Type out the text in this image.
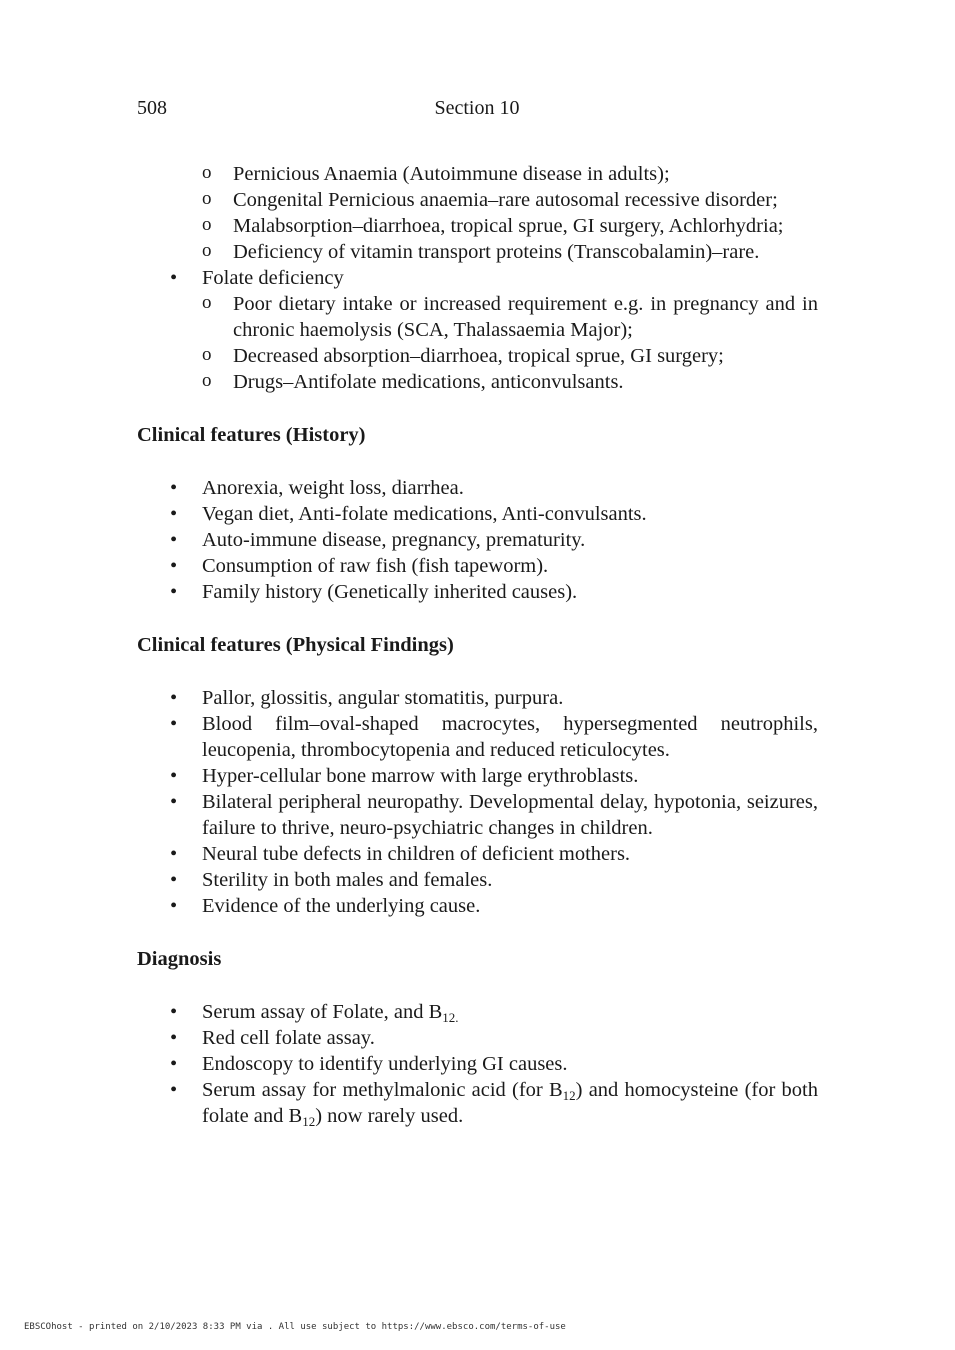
508	Section 10
o Pernicious Anaemia (Autoimmune disease in adults);
o Congenital Pernicious anaemia–rare autosomal recessive disorder;
o Malabsorption–diarrhoea, tropical sprue, GI surgery, Achlorhydria;
o Deficiency of vitamin transport proteins (Transcobalamin)–rare.
• Folate deficiency
o Poor dietary intake or increased requirement e.g. in pregnancy and in chronic haemolysis (SCA, Thalassaemia Major);
o Decreased absorption–diarrhoea, tropical sprue, GI surgery;
o Drugs–Antifolate medications, anticonvulsants.
Clinical features (History)
• Anorexia, weight loss, diarrhea.
• Vegan diet, Anti-folate medications, Anti-convulsants.
• Auto-immune disease, pregnancy, prematurity.
• Consumption of raw fish (fish tapeworm).
• Family history (Genetically inherited causes).
Clinical features (Physical Findings)
• Pallor, glossitis, angular stomatitis, purpura.
• Blood film–oval-shaped macrocytes, hypersegmented neutrophils, leucopenia, thrombocytopenia and reduced reticulocytes.
• Hyper-cellular bone marrow with large erythroblasts.
• Bilateral peripheral neuropathy. Developmental delay, hypotonia, seizures, failure to thrive, neuro-psychiatric changes in children.
• Neural tube defects in children of deficient mothers.
• Sterility in both males and females.
• Evidence of the underlying cause.
Diagnosis
• Serum assay of Folate, and $B_{12.}$
• Red cell folate assay.
• Endoscopy to identify underlying GI causes.
• Serum assay for methylmalonic acid (for $B_{12}$) and homocysteine (for both folate and $B_{12}$) now rarely used.
EBSCOhost - printed on 2/10/2023 8:33 PM via . All use subject to https://www.ebsco.com/terms-of-use
